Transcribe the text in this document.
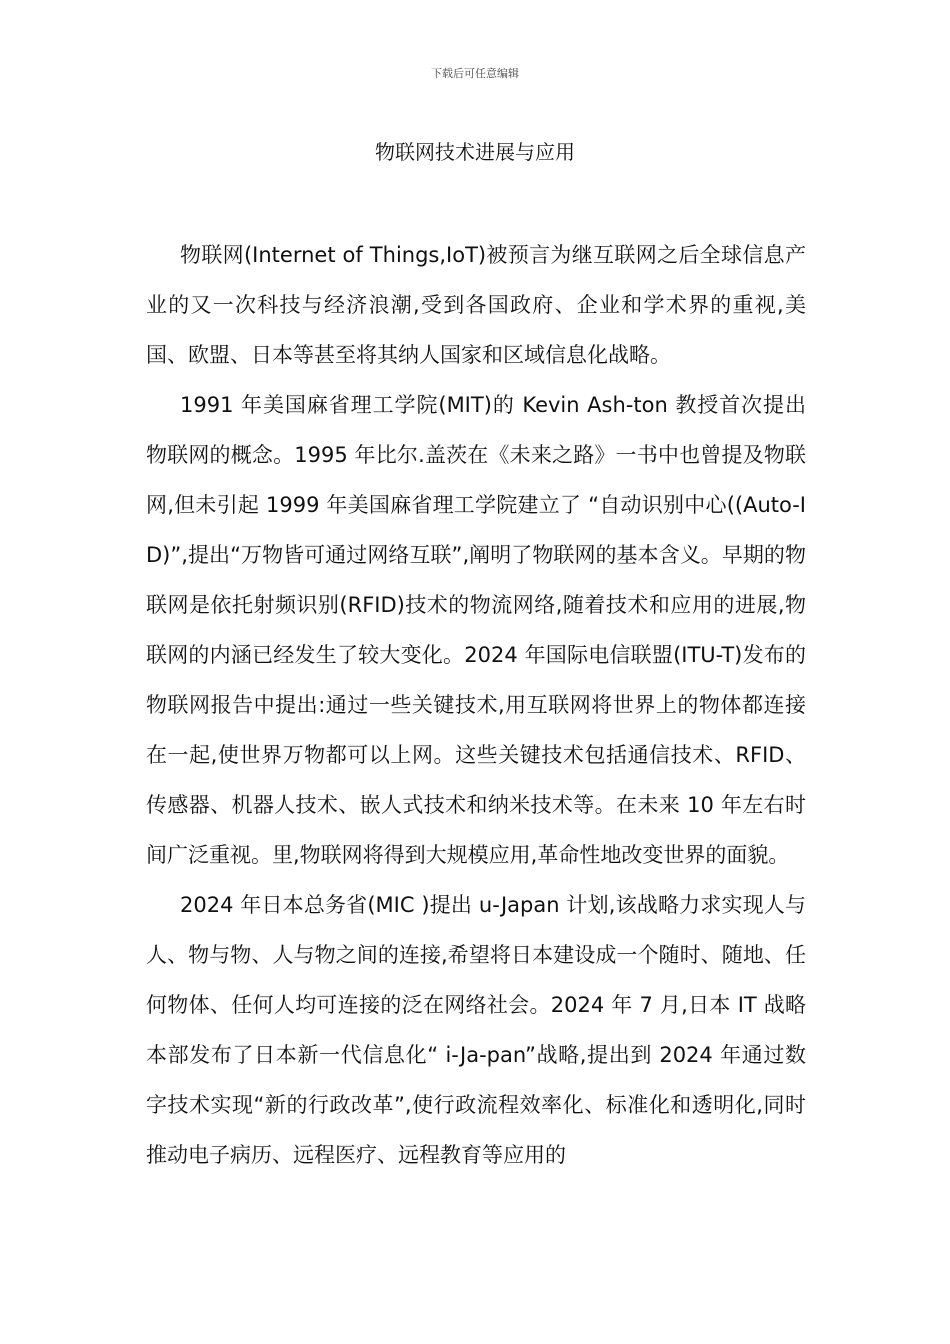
下载后可任意编辑
物联网技术进展与应用

物联网(Internet of Things,IoT)被预言为继互联网之后全球信息产业的又一次科技与经济浪潮,受到各国政府、企业和学术界的重视,美国、欧盟、日本等甚至将其纳人国家和区域信息化战略。

1991 年美国麻省理工学院(MIT)的 Kevin Ash-ton 教授首次提出物联网的概念。1995 年比尔.盖茨在《未来之路》一书中也曾提及物联网,但未引起 1999 年美国麻省理工学院建立了 “自动识别中心((Auto-ID)”,提出“万物皆可通过网络互联”,阐明了物联网的基本含义。早期的物联网是依托射频识别(RFID)技术的物流网络,随着技术和应用的进展,物联网的内涵已经发生了较大变化。2024 年国际电信联盟(ITU-T)发布的物联网报告中提出:通过一些关键技术,用互联网将世界上的物体都连接在一起,使世界万物都可以上网。这些关键技术包括通信技术、RFID、传感器、机器人技术、嵌人式技术和纳米技术等。在未来 10 年左右时间广泛重视。里,物联网将得到大规模应用,革命性地改变世界的面貌。

2024 年日本总务省(MIC )提出 u-Japan 计划,该战略力求实现人与人、物与物、人与物之间的连接,希望将日本建设成一个随时、随地、任何物体、任何人均可连接的泛在网络社会。2024 年 7 月,日本 IT 战略本部发布了日本新一代信息化“ i-Ja-pan”战略,提出到 2024 年通过数字技术实现“新的行政改革”,使行政流程效率化、标准化和透明化,同时推动电子病历、远程医疗、远程教育等应用的
